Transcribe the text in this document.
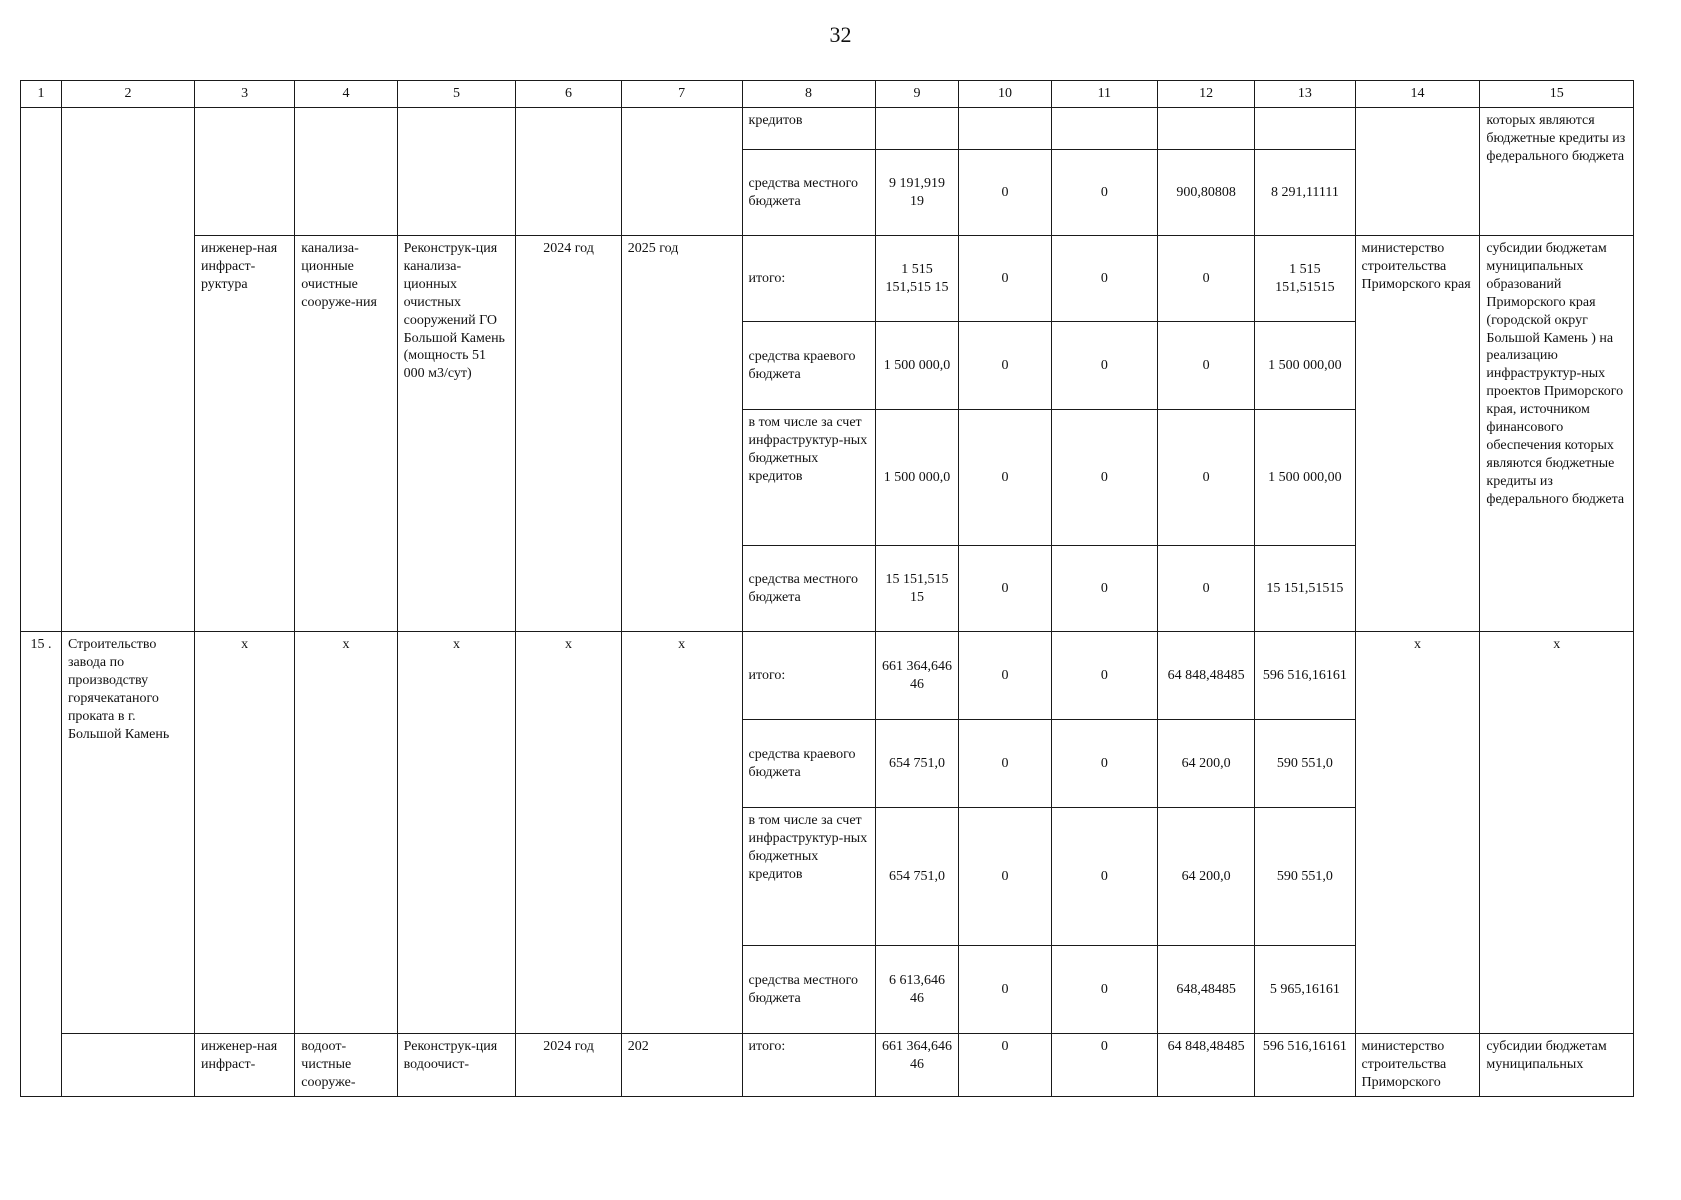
32
1	2	3	4	5	6	7	8	9	10	11	12	13	14	15
							кредитов							которых являются бюджетные кредиты из федерального бюджета
							средства местного бюджета	9 191,919 19	0	0	900,80808	8 291,11111		
		инженер-ная инфраст-руктура	канализа-ционные очистные сооруже-ния	Реконструк-ция канализа-ционных очистных сооружений ГО Большой Камень (мощность 51 000 м3/сут)	2024 год	2025 год	итого:	1 515 151,515 15	0	0	0	1 515 151,51515	министерство строительства Приморского края	субсидии бюджетам муниципальных образований Приморского края (городской округ Большой Камень ) на реализацию инфраструктур-ных проектов Приморского края, источником финансового обеспечения которых являются бюджетные кредиты из федерального бюджета
							средства краевого бюджета	1 500 000,0	0	0	0	1 500 000,00		
							в том числе за счет инфраструктур-ных бюджетных кредитов	1 500 000,0	0	0	0	1 500 000,00		
							средства местного бюджета	15 151,515 15	0	0	0	15 151,51515		
15 .	Строительство завода по производству горячекатаного проката в г. Большой Камень	х	х	х	х	х	итого:	661 364,646 46	0	0	64 848,48485	596 516,16161	х	х
							средства краевого бюджета	654 751,0	0	0	64 200,0	590 551,0		
							в том числе за счет инфраструктур-ных бюджетных кредитов	654 751,0	0	0	64 200,0	590 551,0		
							средства местного бюджета	6 613,646 46	0	0	648,48485	5 965,16161		
		инженер-ная инфраст-	водоот-чистные сооруже-	Реконструк-ция водоочист-	2024 год	202	итого:	661 364,646 46	0	0	64 848,48485	596 516,16161	министерство строительства Приморского	субсидии бюджетам муниципальных
